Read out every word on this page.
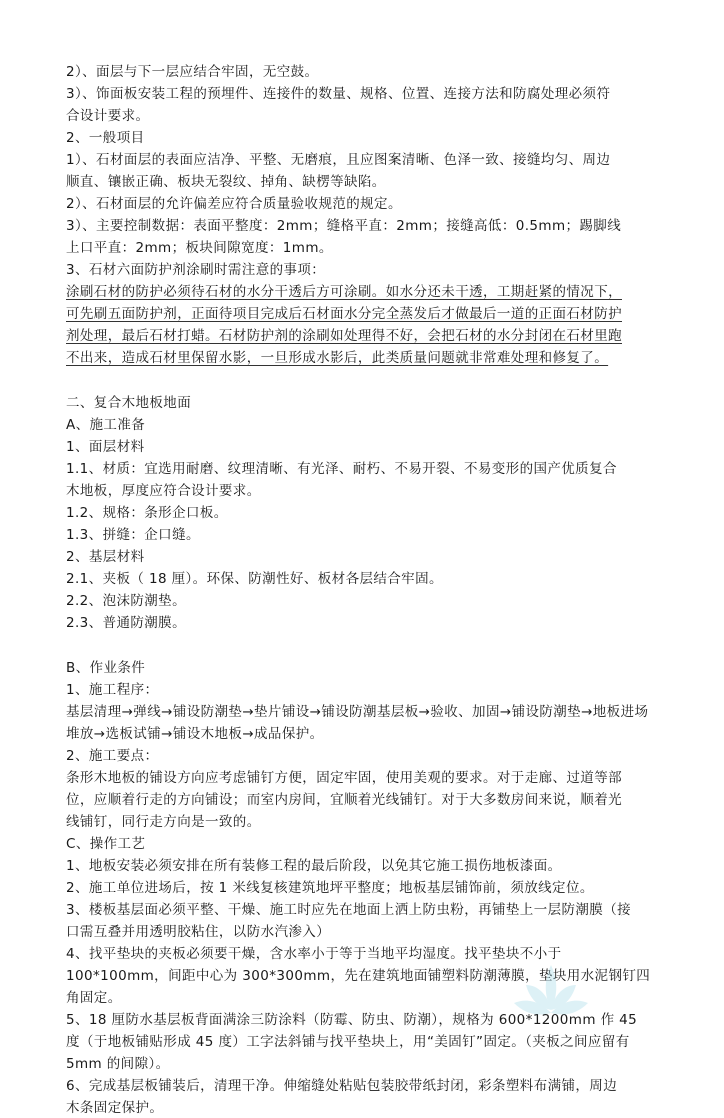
2）、面层与下一层应结合牢固，无空鼓。
3）、饰面板安装工程的预埋件、连接件的数量、规格、位置、连接方法和防腐处理必须符
合设计要求。
2、一般项目
1）、石材面层的表面应洁净、平整、无磨痕，且应图案清晰、色泽一致、接缝均匀、周边
顺直、镶嵌正确、板块无裂纹、掉角、缺楞等缺陷。
2）、石材面层的允许偏差应符合质量验收规范的规定。
3）、主要控制数据：表面平整度：2mm；缝格平直：2mm；接缝高低：0.5mm；踢脚线
上口平直：2mm；板块间隙宽度：1mm。
3、石材六面防护剂涂刷时需注意的事项：
涂刷石材的防护必须待石材的水分干透后方可涂刷。如水分还未干透，工期赶紧的情况下，
可先刷五面防护剂，正面待项目完成后石材面水分完全蒸发后才做最后一道的正面石材防护
剂处理，最后石材打蜡。石材防护剂的涂刷如处理得不好，会把石材的水分封闭在石材里跑
不出来，造成石材里保留水影，一旦形成水影后，此类质量问题就非常难处理和修复了。
二、复合木地板地面
A、施工准备
1、面层材料
1.1、材质：宜选用耐磨、纹理清晰、有光泽、耐朽、不易开裂、不易变形的国产优质复合
木地板，厚度应符合设计要求。
1.2、规格：条形企口板。
1.3、拼缝：企口缝。
2、基层材料
2.1、夹板（ 18 厘）。环保、防潮性好、板材各层结合牢固。
2.2、泡沫防潮垫。
2.3、普通防潮膜。
B、作业条件
1、施工程序：
基层清理→弹线→铺设防潮垫→垫片铺设→铺设防潮基层板→验收、加固→铺设防潮垫→地板进场
堆放→选板试铺→铺设木地板→成品保护。
2、施工要点：
条形木地板的铺设方向应考虑铺钉方便，固定牢固，使用美观的要求。对于走廊、过道等部
位，应顺着行走的方向铺设；而室内房间，宜顺着光线铺钉。对于大多数房间来说，顺着光
线铺钉，同行走方向是一致的。
C、操作工艺
1、地板安装必须安排在所有装修工程的最后阶段，以免其它施工损伤地板漆面。
2、施工单位进场后，按 1 米线复核建筑地坪平整度；地板基层铺饰前，须放线定位。
3、楼板基层面必须平整、干燥、施工时应先在地面上洒上防虫粉，再铺垫上一层防潮膜（接
口需互叠并用透明胶粘住，以防水汽渗入）
4、找平垫块的夹板必须要干燥，含水率小于等于当地平均湿度。找平垫块不小于
100*100mm，间距中心为 300*300mm，先在建筑地面铺塑料防潮薄膜，垫块用水泥钢钉四
角固定。
5、18 厘防水基层板背面满涂三防涂料（防霉、防虫、防潮），规格为 600*1200mm 作 45
度（于地板铺贴形成 45 度）工字法斜铺与找平垫块上，用“美固钉”固定。（夹板之间应留有
5mm 的间隙）。
6、完成基层板铺装后，清理干净。伸缩缝处粘贴包装胶带纸封闭，彩条塑料布满铺，周边
木条固定保护。
